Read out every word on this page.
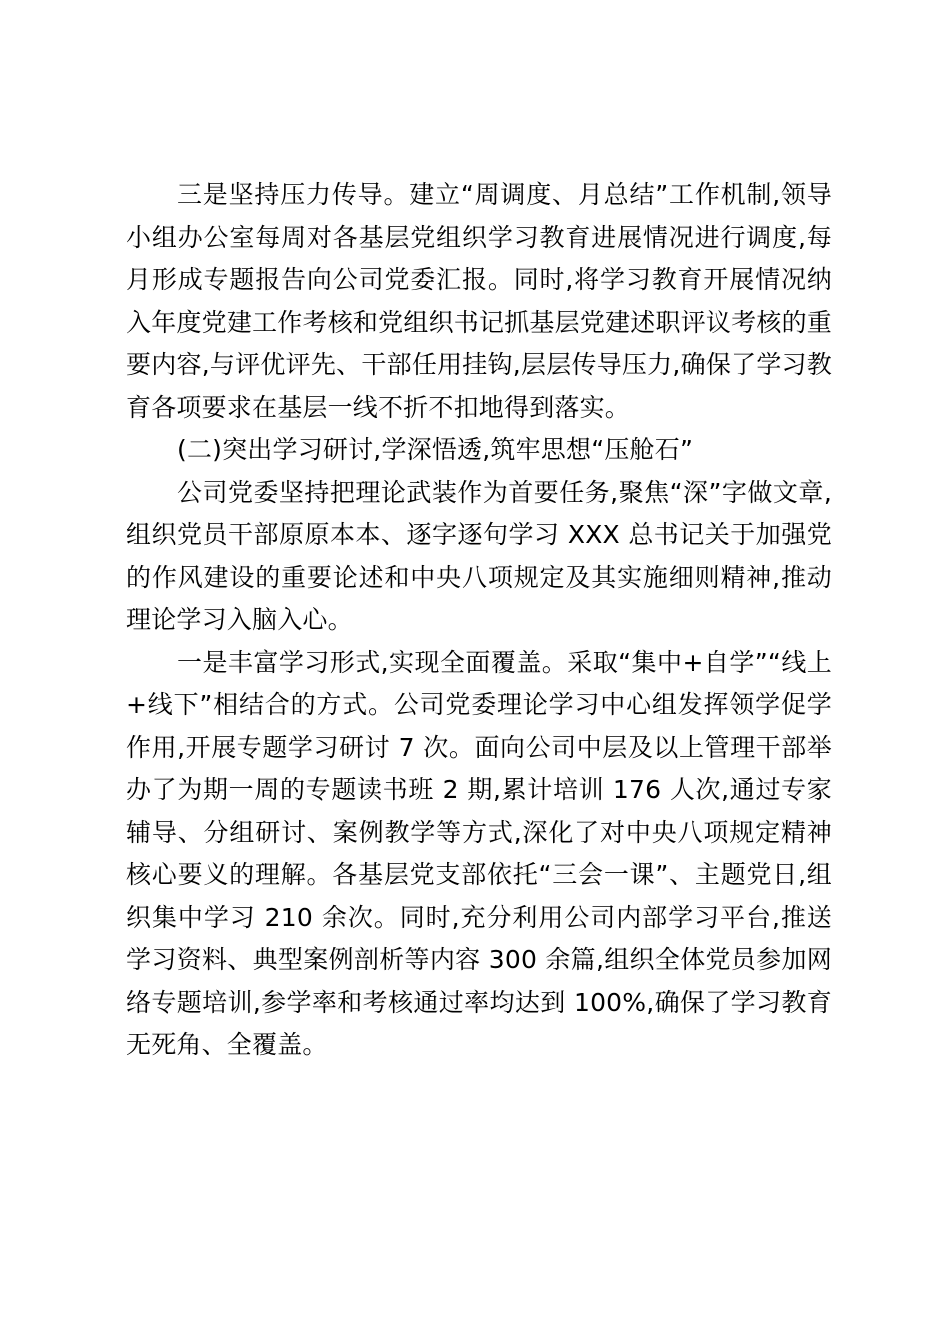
三是坚持压力传导。建立“周调度、月总结”工作机制,领导小组办公室每周对各基层党组织学习教育进展情况进行调度,每月形成专题报告向公司党委汇报。同时,将学习教育开展情况纳入年度党建工作考核和党组织书记抓基层党建述职评议考核的重要内容,与评优评先、干部任用挂钩,层层传导压力,确保了学习教育各项要求在基层一线不折不扣地得到落实。

(二)突出学习研讨,学深悟透,筑牢思想“压舱石”

公司党委坚持把理论武装作为首要任务,聚焦“深”字做文章,组织党员干部原原本本、逐字逐句学习 XXX 总书记关于加强党的作风建设的重要论述和中央八项规定及其实施细则精神,推动理论学习入脑入心。

一是丰富学习形式,实现全面覆盖。采取“集中+自学”“线上+线下”相结合的方式。公司党委理论学习中心组发挥领学促学作用,开展专题学习研讨 7 次。面向公司中层及以上管理干部举办了为期一周的专题读书班 2 期,累计培训 176 人次,通过专家辅导、分组研讨、案例教学等方式,深化了对中央八项规定精神核心要义的理解。各基层党支部依托“三会一课”、主题党日,组织集中学习 210 余次。同时,充分利用公司内部学习平台,推送学习资料、典型案例剖析等内容 300 余篇,组织全体党员参加网络专题培训,参学率和考核通过率均达到 100%,确保了学习教育无死角、全覆盖。
